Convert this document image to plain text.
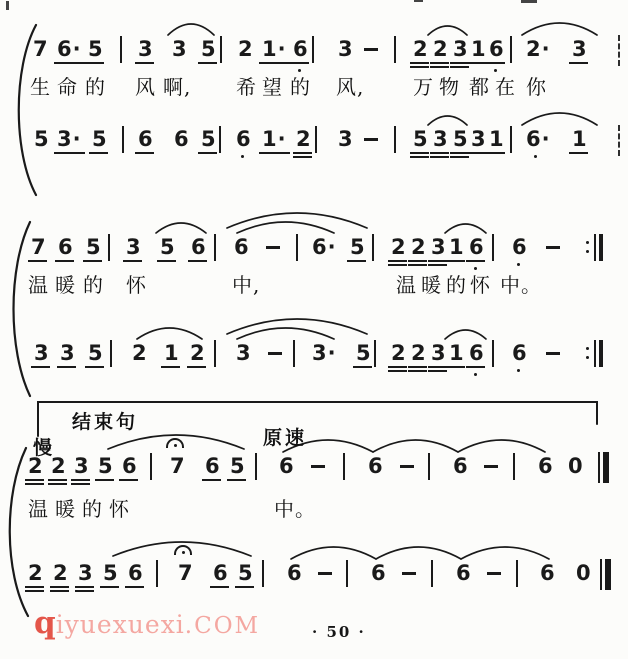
7 6· 5 3 3 5 2 1· 6 3	2 2 3 1 6 2· 3
生 命 的 风 啊, 希 望 的 风, 万 物 都 在 你
5 3· 5 6 6 5 6 1· 2 3	5 3 5 3 1 6· 1
7 6 5 3 5 6 6	6· 5 2 2 3 1 6 6
温 暖 的 怀	中,	温 暖 的 怀 中。
3 3 5 2 1 2 3	3· 5 2 2 3 1 6 6
2 2 3 5 6 7 6 5 6	6	6	6 0
温 暖 的 怀	中。
2 2 3 5 6 7 6 5 6	6	6	6 0
结束句
慢	原速
qiyuexuexi.COM	· 50 ·
